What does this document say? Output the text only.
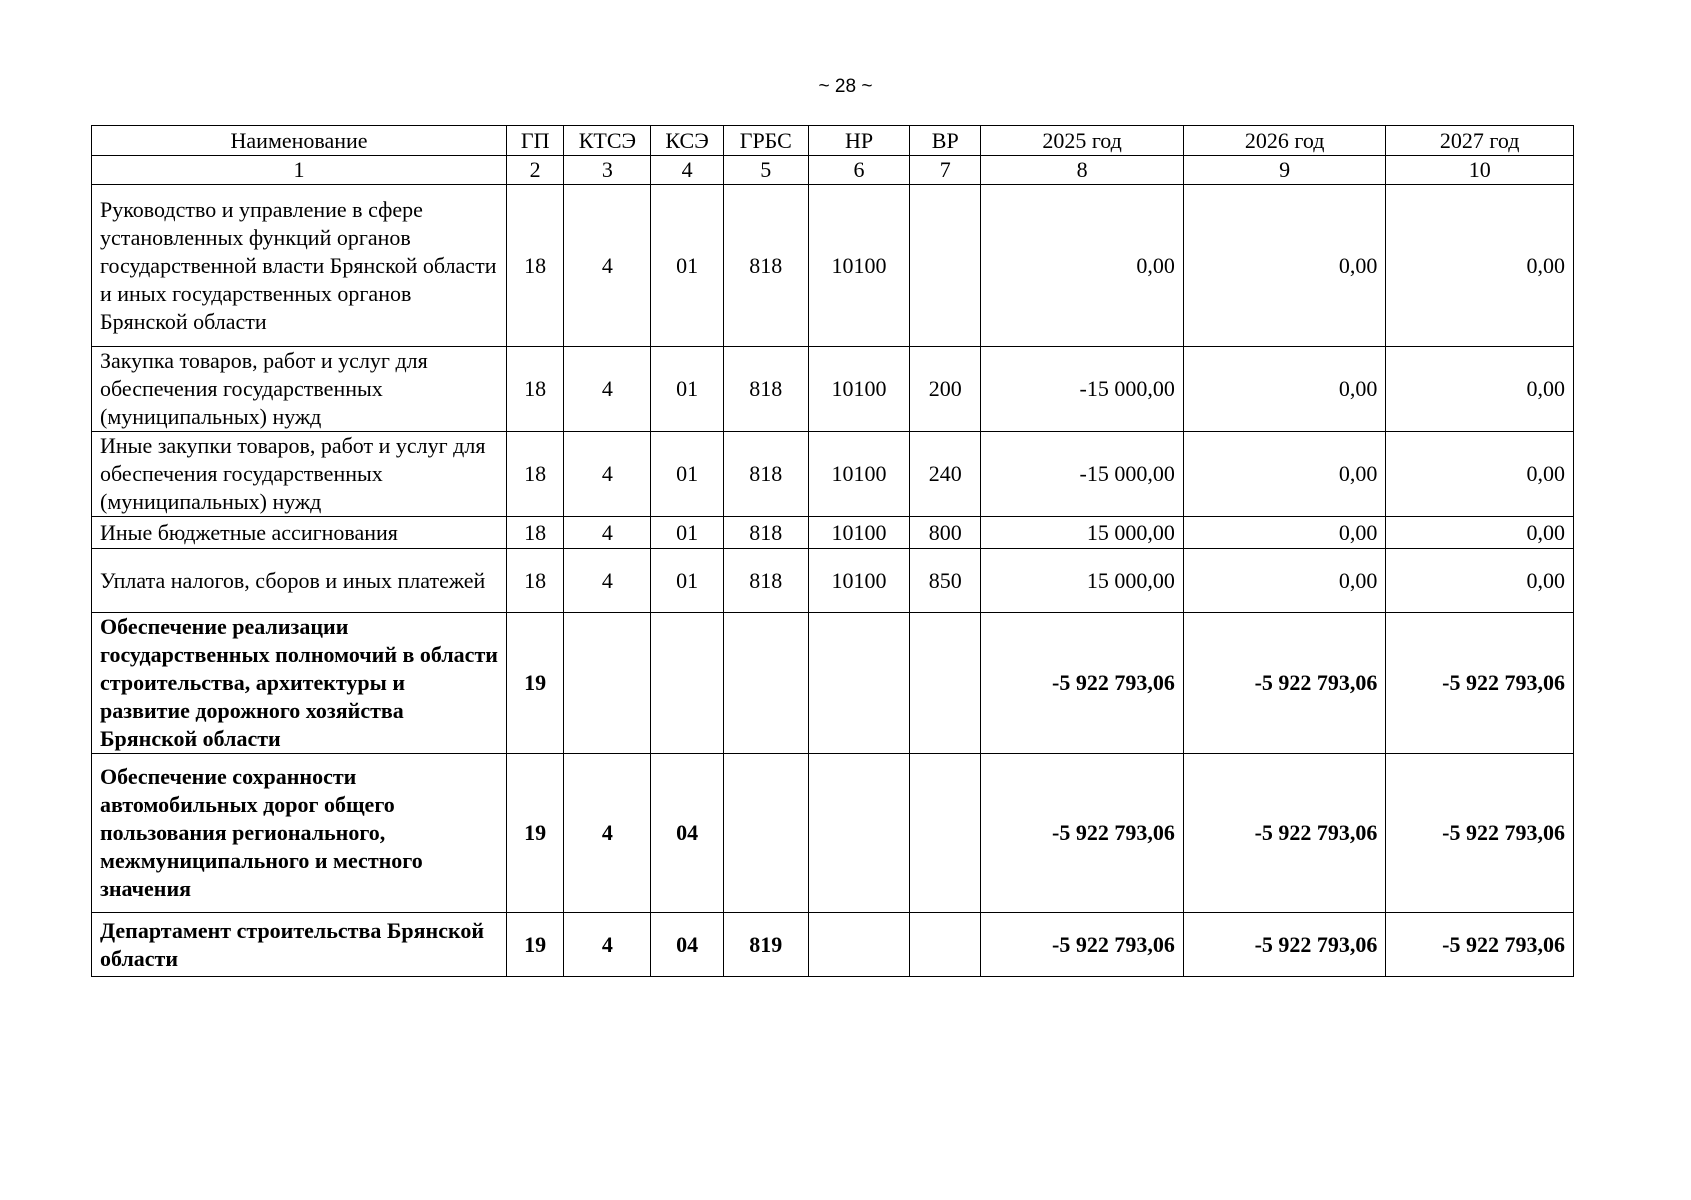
~ 28 ~
Наименование	ГП	КТСЭ	КСЭ	ГРБС	НР	ВР	2025 год	2026 год	2027 год
1	2	3	4	5	6	7	8	9	10
Руководство и управление в сфере установленных функций органов государственной власти Брянской области и иных государственных органов Брянской области	18	4	01	818	10100		0,00	0,00	0,00
Закупка товаров, работ и услуг для обеспечения государственных (муниципальных) нужд	18	4	01	818	10100	200	-15 000,00	0,00	0,00
Иные закупки товаров, работ и услуг для обеспечения государственных (муниципальных) нужд	18	4	01	818	10100	240	-15 000,00	0,00	0,00
Иные бюджетные ассигнования	18	4	01	818	10100	800	15 000,00	0,00	0,00
Уплата налогов, сборов и иных платежей	18	4	01	818	10100	850	15 000,00	0,00	0,00
Обеспечение реализации государственных полномочий в области строительства, архитектуры и развитие дорожного хозяйства Брянской области	19						-5 922 793,06	-5 922 793,06	-5 922 793,06
Обеспечение сохранности автомобильных дорог общего пользования регионального, межмуниципального и местного значения	19	4	04				-5 922 793,06	-5 922 793,06	-5 922 793,06
Департамент строительства Брянской области	19	4	04	819			-5 922 793,06	-5 922 793,06	-5 922 793,06
